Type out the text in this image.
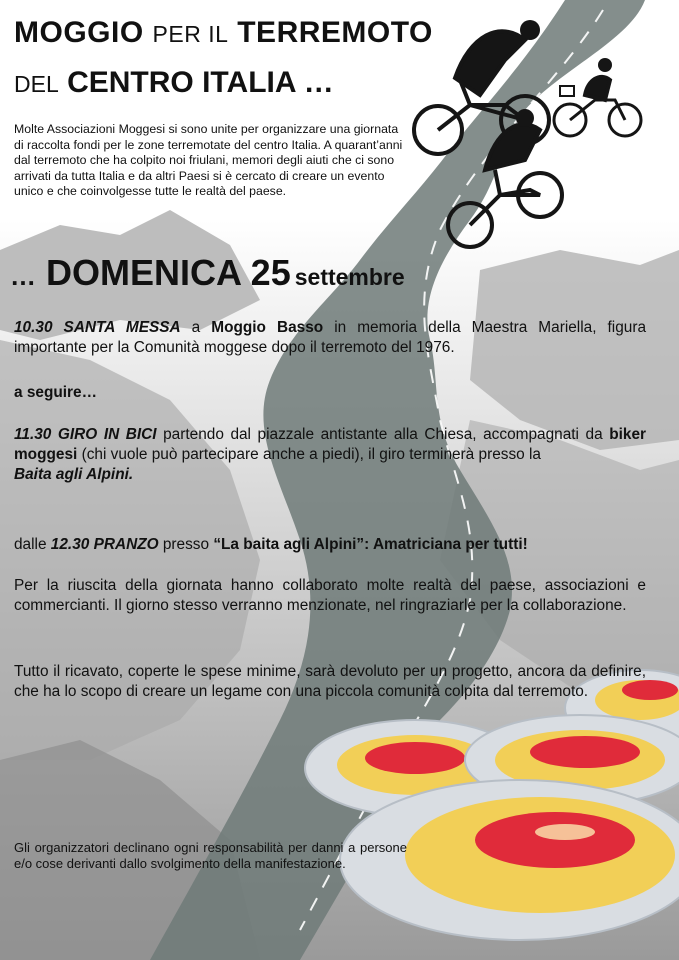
MOGGIO PER IL TERREMOTO
DEL CENTRO ITALIA …
Molte Associazioni Moggesi si sono unite per organizzare una giornata di raccolta fondi per le zone terremotate del centro Italia. A quarant’anni dal terremoto che ha colpito noi friulani, memori degli aiuti che ci sono arrivati da tutta Italia e da altri Paesi si è cercato di creare un evento unico e che coinvolgesse tutte le realtà del paese.
… DOMENICA 25 settembre
10.30 SANTA MESSA a Moggio Basso in memoria della Maestra Mariella, figura importante per la Comunità moggese dopo il terremoto del 1976.
a seguire…
11.30 GIRO IN BICI partendo dal piazzale antistante alla Chiesa, accompagnati da biker moggesi (chi vuole può partecipare anche a piedi), il giro terminerà presso la
Baita agli Alpini.
dalle 12.30 PRANZO presso “La baita agli Alpini”: Amatriciana per tutti!
Per la riuscita della giornata hanno collaborato molte realtà del paese, associazioni e commercianti. Il giorno stesso verranno menzionate, nel ringraziarle per la collaborazione.
Tutto il ricavato, coperte le spese minime, sarà devoluto per un progetto, ancora da definire, che ha lo scopo di creare un legame con una piccola comunità colpita dal terremoto.
Gli organizzatori declinano ogni responsabilità per danni a persone e/o cose derivanti dallo svolgimento della manifestazione.
